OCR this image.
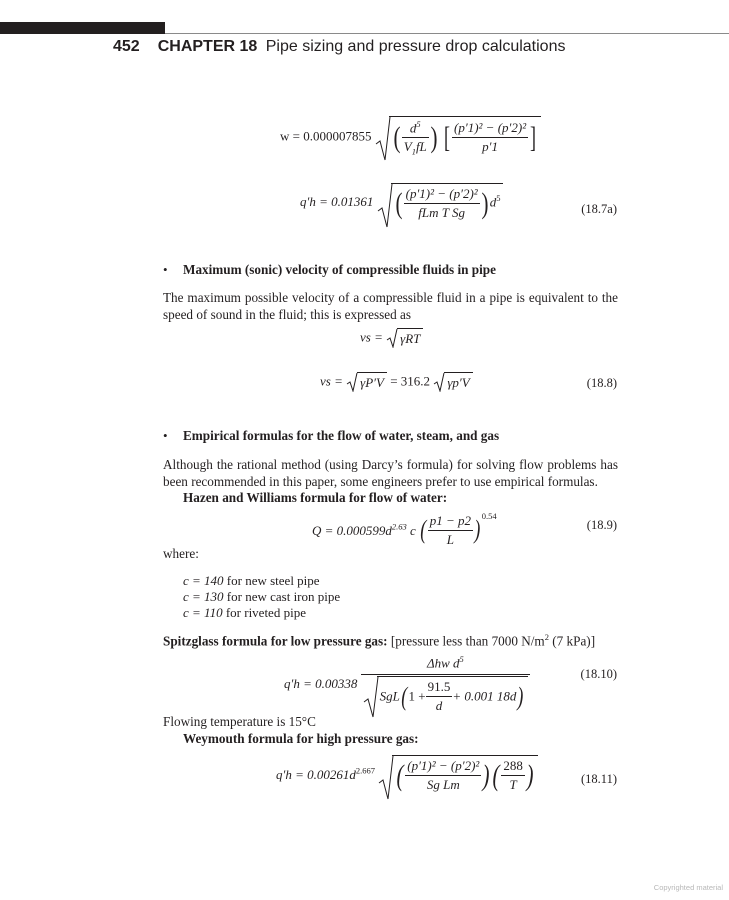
452 CHAPTER 18 Pipe sizing and pressure drop calculations
w = 0.000007855 ( $\frac{d^5}{V_1fL}$ ) [ $\frac{\text{(p′1)² − (p′2)²}}{p'1}$ ]
q′h = 0.01361 ( $\frac{\text{(p′1)² − (p′2)²}}{\text{fLm T Sg}}$ ) $d^5$
(18.7a)
• Maximum (sonic) velocity of compressible fluids in pipe
The maximum possible velocity of a compressible fluid in a pipe is equivalent to the speed of sound in the fluid; this is expressed as
vs = γRT
vs = γP′V = 316.2 γp′V	(18.8)
• Empirical formulas for the flow of water, steam, and gas
Although the rational method (using Darcy’s formula) for solving flow problems has been recommended in this paper, some engineers prefer to use empirical formulas.
Hazen and Williams formula for flow of water:
$Q = 0.000599d^{2.63}$ c ( $\frac{p1 - p2}{L} )^{0.54}$
(18.9)
where:
c = 140 for new steel pipe
c = 130 for new cast iron pipe
c = 110 for riveted pipe
Spitzglass formula for low pressure gas: [pressure less than 7000 $N/m^2$ (7 kPa)]
$q'h = 0.00338 \frac{\Delta hw d^5}{SgL(1 + \frac{91.5}{d} + 0.001 18d)}$	(18.10)
Flowing temperature is 15°C
Weymouth formula for high pressure gas:
$q'h = 0.00261d^{2.667}$ ( $\frac{\text{(p′1)² − (p′2)²}}{\text{Sg Lm}}$ ) ( $\frac{288}{T}$ )	(18.11)
Copyrighted material
